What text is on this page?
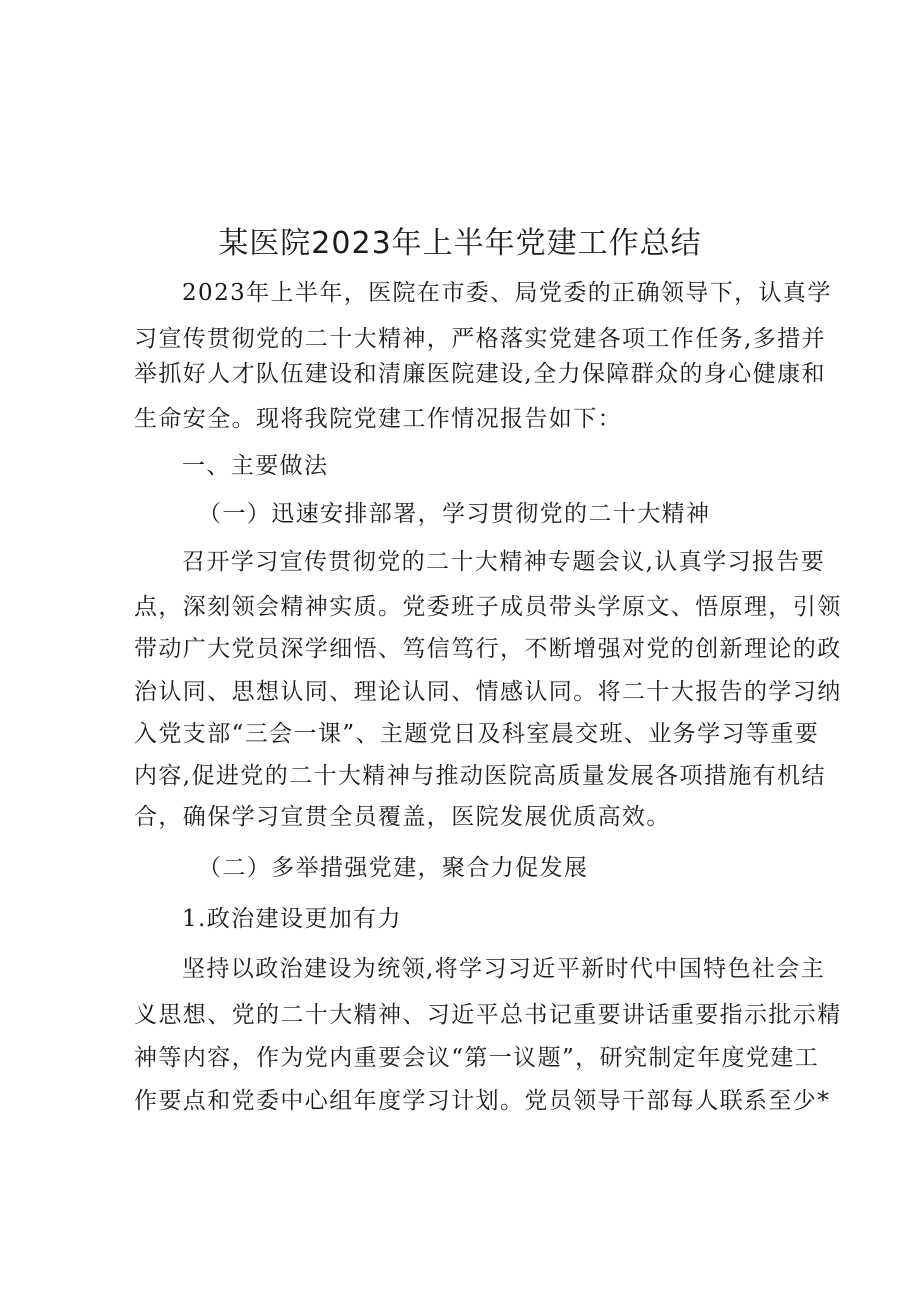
某医院2023年上半年党建工作总结
2023年上半年，医院在市委、局党委的正确领导下，认真学
习宣传贯彻党的二十大精神，严格落实党建各项工作任务,多措并
举抓好人才队伍建设和清廉医院建设,全力保障群众的身心健康和
生命安全。现将我院党建工作情况报告如下：
一、主要做法
（一）迅速安排部署，学习贯彻党的二十大精神
召开学习宣传贯彻党的二十大精神专题会议,认真学习报告要
点，深刻领会精神实质。党委班子成员带头学原文、悟原理，引领
带动广大党员深学细悟、笃信笃行，不断增强对党的创新理论的政
治认同、思想认同、理论认同、情感认同。将二十大报告的学习纳
入党支部“三会一课”、主题党日及科室晨交班、业务学习等重要
内容,促进党的二十大精神与推动医院高质量发展各项措施有机结
合，确保学习宣贯全员覆盖，医院发展优质高效。
（二）多举措强党建，聚合力促发展
1.政治建设更加有力
坚持以政治建设为统领,将学习习近平新时代中国特色社会主
义思想、党的二十大精神、习近平总书记重要讲话重要指示批示精
神等内容，作为党内重要会议“第一议题”，研究制定年度党建工
作要点和党委中心组年度学习计划。党员领导干部每人联系至少*
